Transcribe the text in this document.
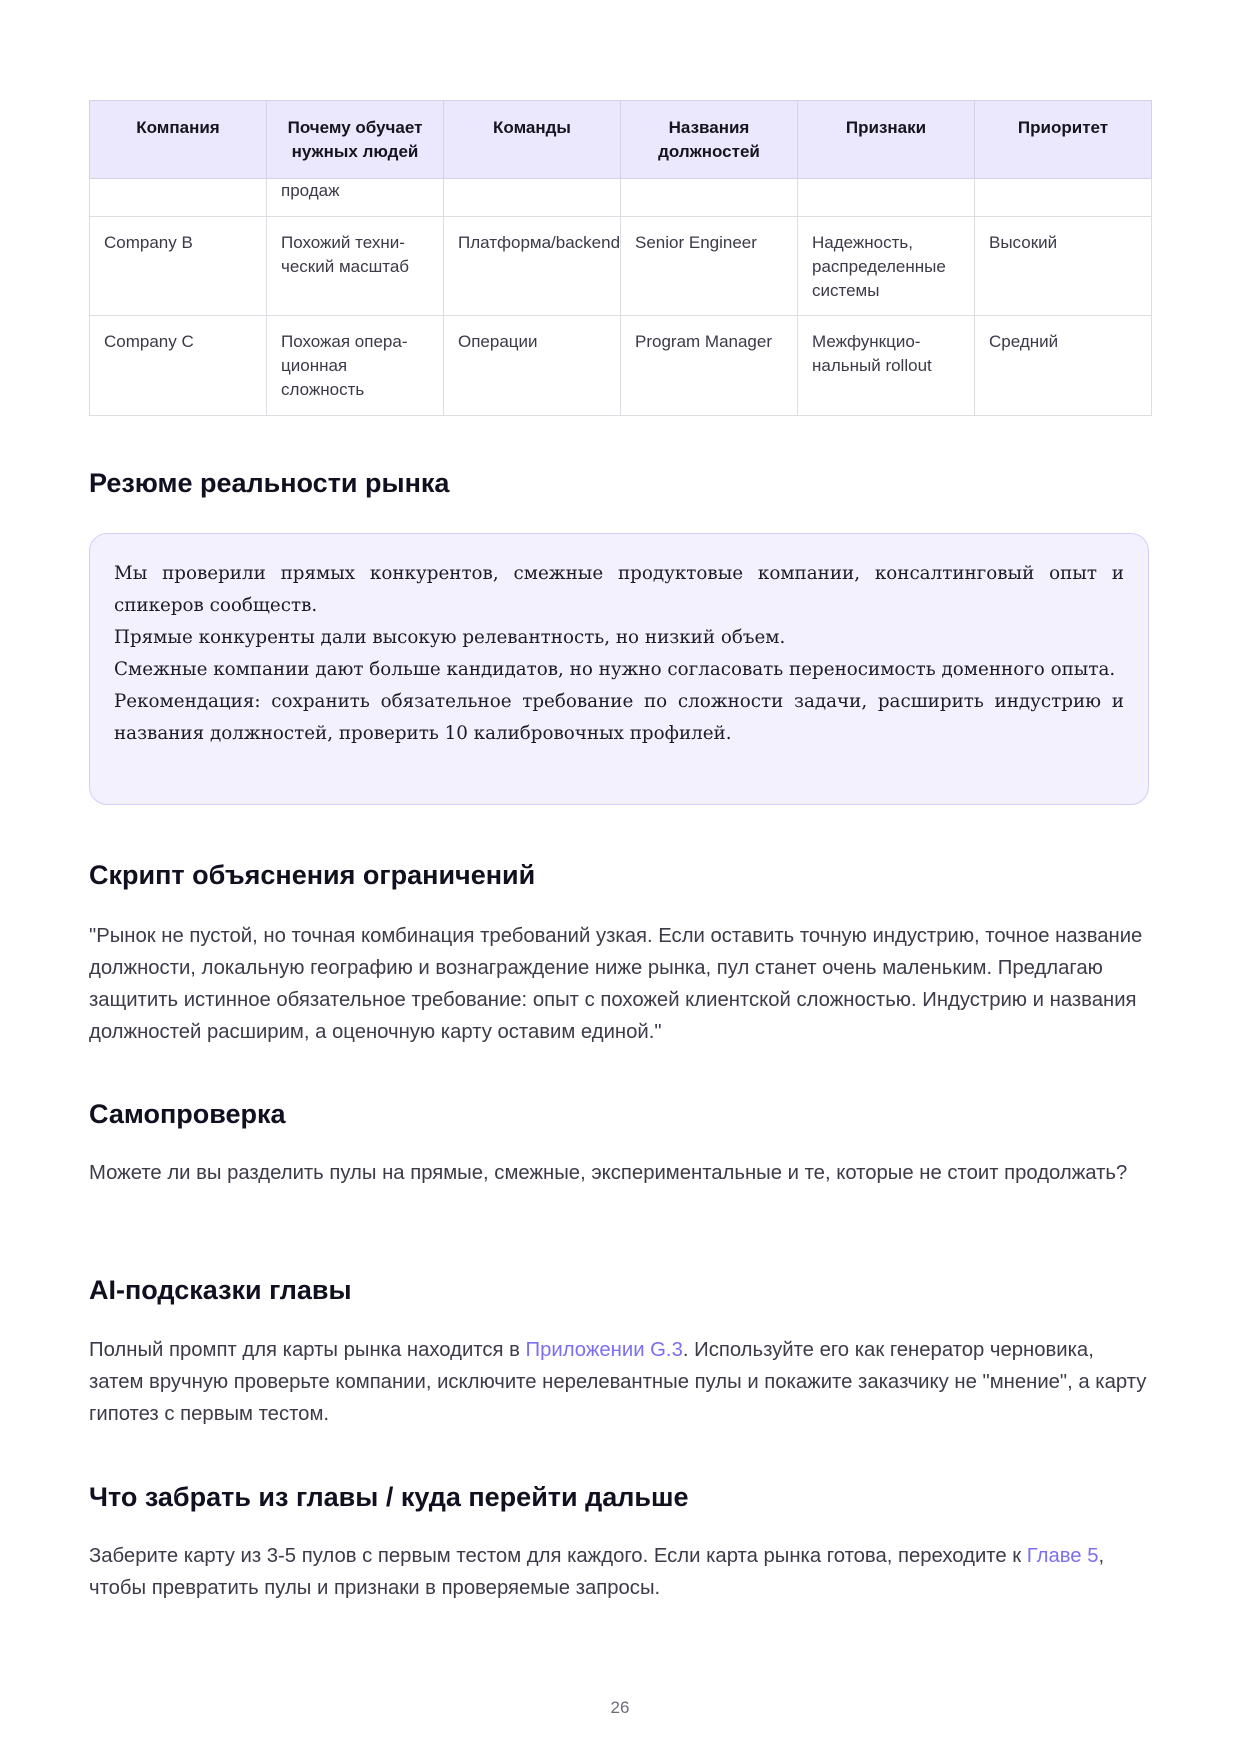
Компания	Почему обучает нужных людей	Команды	Названия должностей	Признаки	Приоритет
	продаж				
Company B	Похожий техни-ческий масштаб	Платформа/backend	Senior Engineer	Надежность, распределенные системы	Высокий
Company C	Похожая опера-ционная сложность	Операции	Program Manager	Межфункцио-нальный rollout	Средний
Резюме реальности рынка
Мы проверили прямых конкурентов, смежные продуктовые компании, консалтинговый опыт и спикеров сообществ.
Прямые конкуренты дали высокую релевантность, но низкий объем.
Смежные компании дают больше кандидатов, но нужно согласовать переносимость доменного опыта.
Рекомендация: сохранить обязательное требование по сложности задачи, расширить индустрию и названия должностей, проверить 10 калибровочных профилей.
Скрипт объяснения ограничений

"Рынок не пустой, но точная комбинация требований узкая. Если оставить точную индустрию, точное название должности, локальную географию и вознаграждение ниже рынка, пул станет очень маленьким. Предлагаю защитить истинное обязательное требование: опыт с похожей клиентской сложностью. Индустрию и названия должностей расширим, а оценочную карту оставим единой."

Самопроверка

Можете ли вы разделить пулы на прямые, смежные, экспериментальные и те, которые не стоит продолжать?

AI-подсказки главы

Полный промпт для карты рынка находится в Приложении G.3. Используйте его как генератор черновика, затем вручную проверьте компании, исключите нерелевантные пулы и покажите заказчику не "мнение", а карту гипотез с первым тестом.

Что забрать из главы / куда перейти дальше

Заберите карту из 3-5 пулов с первым тестом для каждого. Если карта рынка готова, переходите к Главе 5, чтобы превратить пулы и признаки в проверяемые запросы.

26
